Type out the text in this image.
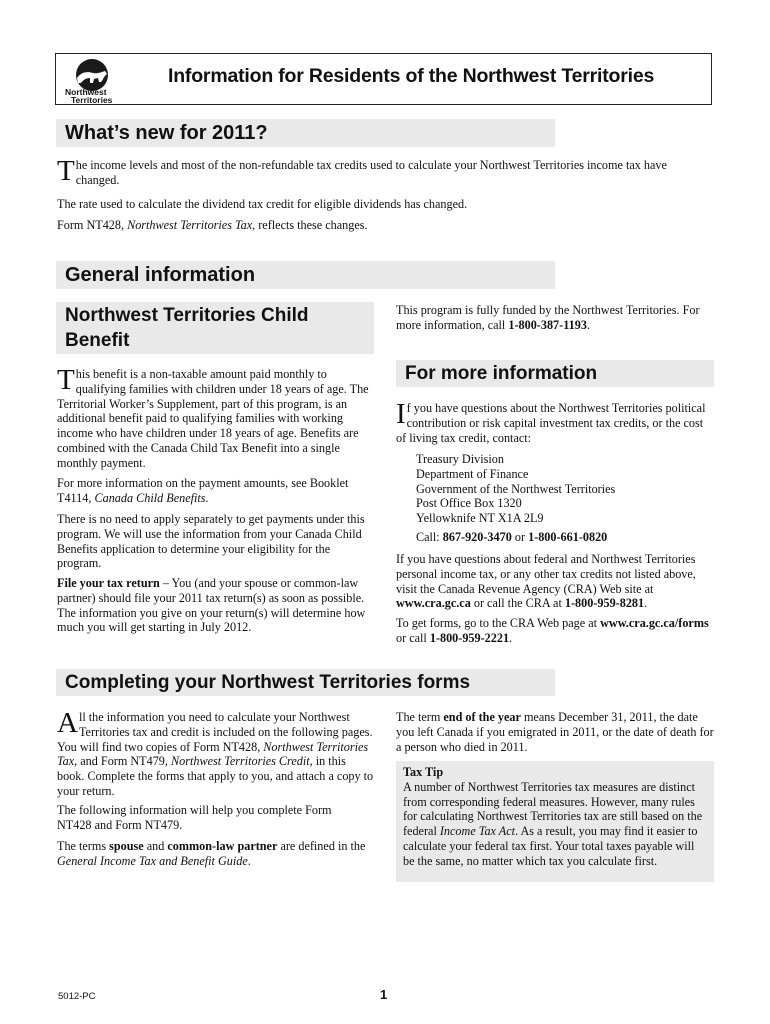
Northwest
Territories
Information for Residents of the Northwest Territories
What’s new for 2011?

The income levels and most of the non-refundable tax credits used to calculate your Northwest Territories income tax have changed.

The rate used to calculate the dividend tax credit for eligible dividends has changed.

Form NT428, Northwest Territories Tax, reflects these changes.

General information
Northwest Territories Child Benefit

This benefit is a non-taxable amount paid monthly to qualifying families with children under 18 years of age. The Territorial Worker’s Supplement, part of this program, is an additional benefit paid to qualifying families with working income who have children under 18 years of age. Benefits are combined with the Canada Child Tax Benefit into a single monthly payment.

For more information on the payment amounts, see Booklet T4114, Canada Child Benefits.

There is no need to apply separately to get payments under this program. We will use the information from your Canada Child Benefits application to determine your eligibility for the program.

File your tax return – You (and your spouse or common-law partner) should file your 2011 tax return(s) as soon as possible. The information you give on your return(s) will determine how much you will get starting in July 2012.

This program is fully funded by the Northwest Territories. For more information, call 1-800-387-1193.

For more information

If you have questions about the Northwest Territories political contribution or risk capital investment tax credits, or the cost of living tax credit, contact:

Treasury Division
Department of Finance
Government of the Northwest Territories
Post Office Box 1320
Yellowknife NT X1A 2L9

Call: 867-920-3470 or 1-800-661-0820

If you have questions about federal and Northwest Territories personal income tax, or any other tax credits not listed above, visit the Canada Revenue Agency (CRA) Web site at www.cra.gc.ca or call the CRA at 1-800-959-8281.

To get forms, go to the CRA Web page at www.cra.gc.ca/forms or call 1-800-959-2221.

Completing your Northwest Territories forms

All the information you need to calculate your Northwest Territories tax and credit is included on the following pages. You will find two copies of Form NT428, Northwest Territories Tax, and Form NT479, Northwest Territories Credit, in this book. Complete the forms that apply to you, and attach a copy to your return.

The following information will help you complete Form NT428 and Form NT479.

The terms spouse and common-law partner are defined in the General Income Tax and Benefit Guide.

The term end of the year means December 31, 2011, the date you left Canada if you emigrated in 2011, or the date of death for a person who died in 2011.

Tax Tip
A number of Northwest Territories tax measures are distinct from corresponding federal measures. However, many rules for calculating Northwest Territories tax are still based on the federal Income Tax Act. As a result, you may find it easier to calculate your federal tax first. Your total taxes payable will be the same, no matter which tax you calculate first.
5012-PC	1
